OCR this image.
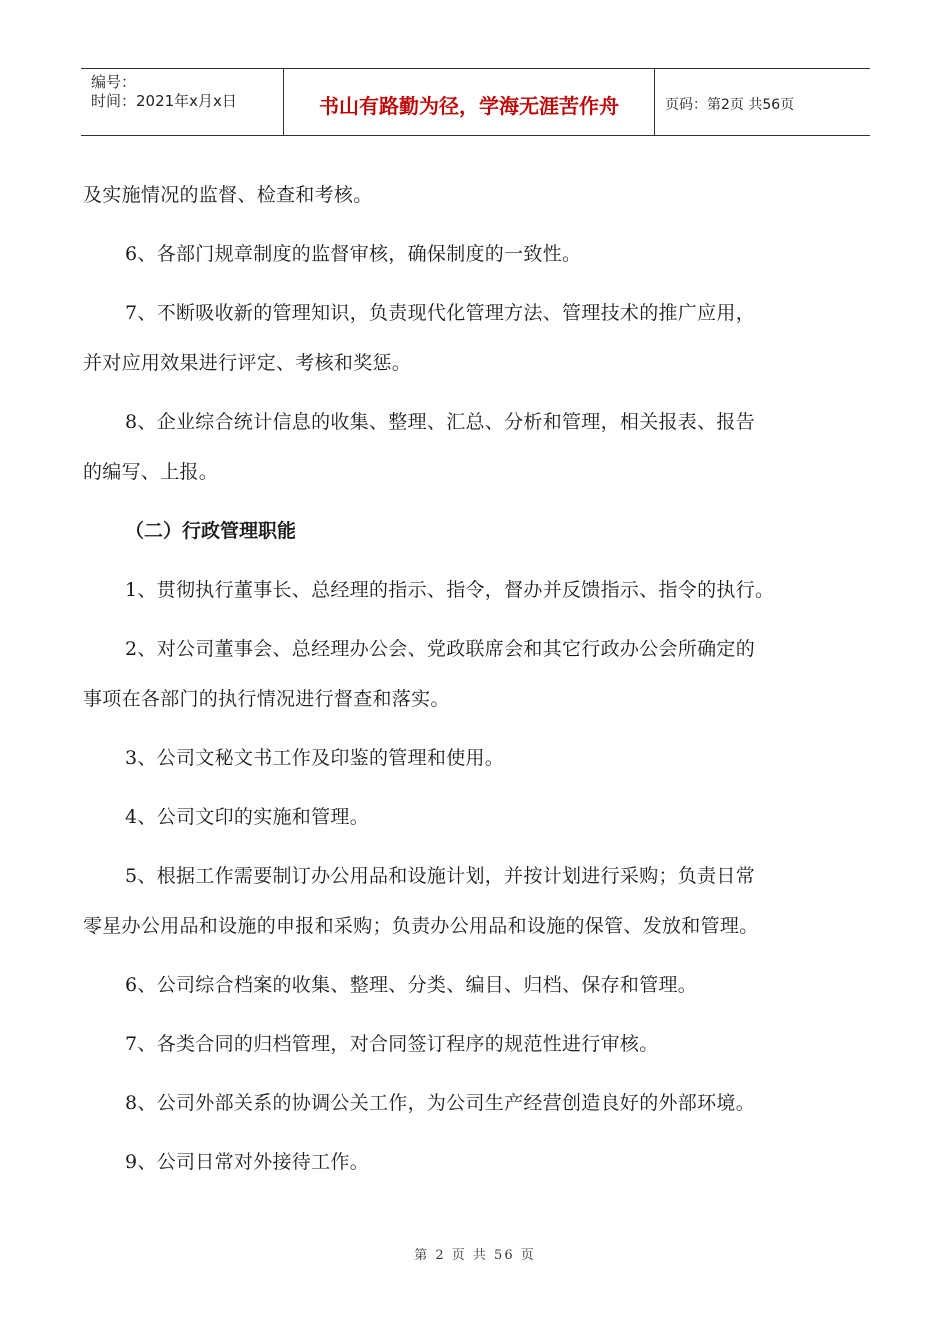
编号：
时间：2021年x月x日	书山有路勤为径，学海无涯苦作舟	页码：第2页 共56页
及实施情况的监督、检查和考核。
6、各部门规章制度的监督审核，确保制度的一致性。
7、不断吸收新的管理知识，负责现代化管理方法、管理技术的推广应用，
并对应用效果进行评定、考核和奖惩。
8、企业综合统计信息的收集、整理、汇总、分析和管理，相关报表、报告
的编写、上报。
（二）行政管理职能
1、贯彻执行董事长、总经理的指示、指令，督办并反馈指示、指令的执行。
2、对公司董事会、总经理办公会、党政联席会和其它行政办公会所确定的
事项在各部门的执行情况进行督查和落实。
3、公司文秘文书工作及印鉴的管理和使用。
4、公司文印的实施和管理。
5、根据工作需要制订办公用品和设施计划，并按计划进行采购；负责日常
零星办公用品和设施的申报和采购；负责办公用品和设施的保管、发放和管理。
6、公司综合档案的收集、整理、分类、编目、归档、保存和管理。
7、各类合同的归档管理，对合同签订程序的规范性进行审核。
8、公司外部关系的协调公关工作，为公司生产经营创造良好的外部环境。
9、公司日常对外接待工作。
第 2 页 共 56 页
